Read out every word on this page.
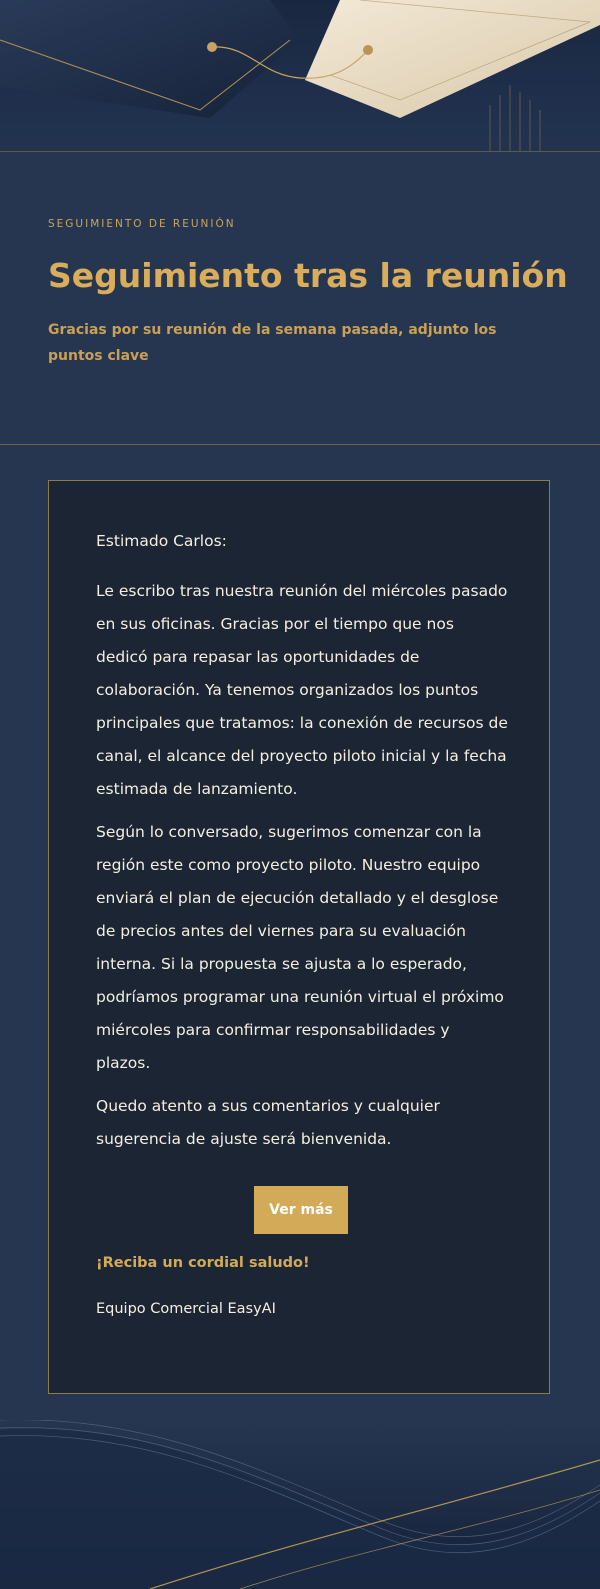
SEGUIMIENTO DE REUNIÓN
Seguimiento tras la reunión
Gracias por su reunión de la semana pasada, adjunto los puntos clave

Estimado Carlos:

Le escribo tras nuestra reunión del miércoles pasado en sus oficinas. Gracias por el tiempo que nos dedicó para repasar las oportunidades de colaboración. Ya tenemos organizados los puntos principales que tratamos: la conexión de recursos de canal, el alcance del proyecto piloto inicial y la fecha estimada de lanzamiento.

Según lo conversado, sugerimos comenzar con la región este como proyecto piloto. Nuestro equipo enviará el plan de ejecución detallado y el desglose de precios antes del viernes para su evaluación interna. Si la propuesta se ajusta a lo esperado, podríamos programar una reunión virtual el próximo miércoles para confirmar responsabilidades y plazos.

Quedo atento a sus comentarios y cualquier sugerencia de ajuste será bienvenida.

Ver más
¡Reciba un cordial saludo!
Equipo Comercial EasyAI
